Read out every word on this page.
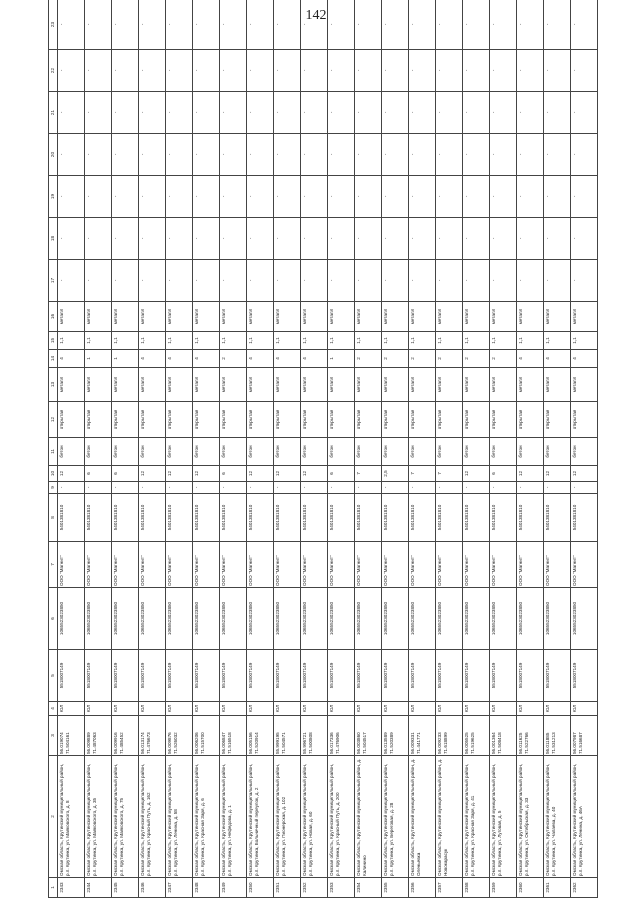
142
1	2	3	4	5	6	7	8	9	10	11	12	13	14	15	16	17	18	19	20	21	22	23
2343	Омская область, Крутинский муниципальный район, р.п. Крутинка, ул. Маяковского, д. 8	56.019074 71.504161	ЮЛ	5518007149	1065523023850	ООО "Магнит"	5401381810	-	12	бетон	открытая	металл	4	1,1	металл	-	-	-	-	-	-	-
2344	Омская область, Крутинский муниципальный район, р.п. Крутинка, ул. Маяковского, д. 35	56.009889 71.487063	ЮЛ	5518007149	1065523023850	ООО "Магнит"	5401381810	-	6	бетон	открытая	металл	1	1,1	металл	-	-	-	-	-	-	-
2345	Омская область, Крутинский муниципальный район, р.п. Крутинка, ул. Маяковского, д. 75	56.009916 71.485452	ЮЛ	5518007149	1065523023850	ООО "Магнит"	5401381810	-	6	бетон	открытая	металл	1	1,1	металл	-	-	-	-	-	-	-
2346	Омская область, Крутинский муниципальный район, р.п. Крутинка, ул. Красный Путь, д. 162	56.013174 71.476673	ЮЛ	5518007149	1065523023850	ООО "Магнит"	5401381810	-	12	бетон	открытая	металл	4	1,1	металл	-	-	-	-	-	-	-
2347	Омская область, Крутинский муниципальный район, р.п. Крутинка, ул. Ленина, д. 58	56.009876 71.526032	ЮЛ	5518007149	1065523023850	ООО "Магнит"	5401381810	-	12	бетон	открытая	металл	4	1,1	металл	-	-	-	-	-	-	-
2348	Омская область, Крутинский муниципальный район, р.п. Крутинка, ул. Красная Заря, д. 6	56.006206 71.515700	ЮЛ	5518007149	1065523023850	ООО "Магнит"	5401381810	-	12	бетон	открытая	металл	4	1,1	металл	-	-	-	-	-	-	-
2349	Омская область, Крутинский муниципальный район, р.п. Крутинка, ул. Нефедова, д. 1	56.006847 71.516518	ЮЛ	5518007149	1065523023850	ООО "Магнит"	5401381810	-	6	бетон	открытая	металл	2	1,1	металл	-	-	-	-	-	-	-
2350	Омская область, Крутинский муниципальный район, р.п. Крутинка, Больничный переулок, д. 2	56.005156 71.520914	ЮЛ	5518007149	1065523023850	ООО "Магнит"	5401381810	-	12	бетон	открытая	металл	4	1,1	металл	-	-	-	-	-	-	-
2351	Омская область, Крутинский муниципальный район, р.п. Крутинка, ул. Пионерская, д. 102	55.999195 71.504571	ЮЛ	5518007149	1065523023850	ООО "Магнит"	5401381810	-	12	бетон	открытая	металл	4	1,1	металл	-	-	-	-	-	-	-
2352	Омская область, Крутинский муниципальный район, р.п. Крутинка, ул. Новая, д. 60	55.996721 71.500808	ЮЛ	5518007149	1065523023850	ООО "Магнит"	5401381810	-	12	бетон	открытая	металл	4	1,1	металл	-	-	-	-	-	-	-
2353	Омская область, Крутинский муниципальный район, р.п. Крутинка, ул. Красный Путь, д. 200	56.017336 71.476906	ЮЛ	5518007149	1065523023850	ООО "Магнит"	5401381810	-	6	бетон	открытая	металл	1	1,1	металл	-	-	-	-	-	-	-
2354	Омская область, Крутинский муниципальный район, д. Калинино	56.003860 71.504517	ЮЛ	5518007149	1065523023850	ООО "Магнит"	5401381810	-	7	бетон	открытая	металл	2	1,1	металл	-	-	-	-	-	-	-
2355	Омская область, Крутинский муниципальный район, р.п. Крутинка, ул. Береговая, д. 28	56.013589 71.520389	ЮЛ	5518007149	1065523023850	ООО "Магнит"	5401381810	-	2,5	бетон	открытая	металл	2	1,1	металл	-	-	-	-	-	-	-
2356	Омская область, Крутинский муниципальный район, д. Оленьевка	56.009331 71.441771	ЮЛ	5518007149	1065523023850	ООО "Магнит"	5401381810	-	7	бетон	открытая	металл	2	1,1	металл	-	-	-	-	-	-	-
2357	Омская область, Крутинский муниципальный район, д. Новокарасук	56.009233 71.618899	ЮЛ	5518007149	1065523023850	ООО "Магнит"	5401381810	-	7	бетон	открытая	металл	2	1,1	металл	-	-	-	-	-	-	-
2358	Омская область, Крутинский муниципальный район, р.п. Крутинка, ул. Красная Заря, д. 41	56.005525 71.519625	ЮЛ	5518007149	1065523023850	ООО "Магнит"	5401381810	-	12	бетон	открытая	металл	2	1,1	металл	-	-	-	-	-	-	-
2359	Омская область, Крутинский муниципальный район, р.п. Крутинка, ул. Луговая, д. 5	56.001364 71.508418	ЮЛ	5518007149	1065523023850	ООО "Магнит"	5401381810	-	6	бетон	открытая	металл	2	1,1	металл	-	-	-	-	-	-	-
2360	Омская область, Крутинский муниципальный район, р.п. Крутинка, ул. Октябрьская, д. 33	56.011625 71.522766	ЮЛ	5518007149	1065523023850	ООО "Магнит"	5401381810	-	12	бетон	открытая	металл	4	1,1	металл	-	-	-	-	-	-	-
2361	Омская область, Крутинский муниципальный район, р.п. Крутинка, ул. Чапаева, д. 40	56.011885 71.531213	ЮЛ	5518007149	1065523023850	ООО "Магнит"	5401381810	-	12	бетон	открытая	металл	4	1,1	металл	-	-	-	-	-	-	-
2362	Омская область, Крутинский муниципальный район, р.п. Крутинка, ул. Ленина, д. 46А	56.007987 71.516687	ЮЛ	5518007149	1065523023850	ООО "Магнит"	5401381810	-	12	бетон	открытая	металл	4	1,1	металл	-	-	-	-	-	-	-
